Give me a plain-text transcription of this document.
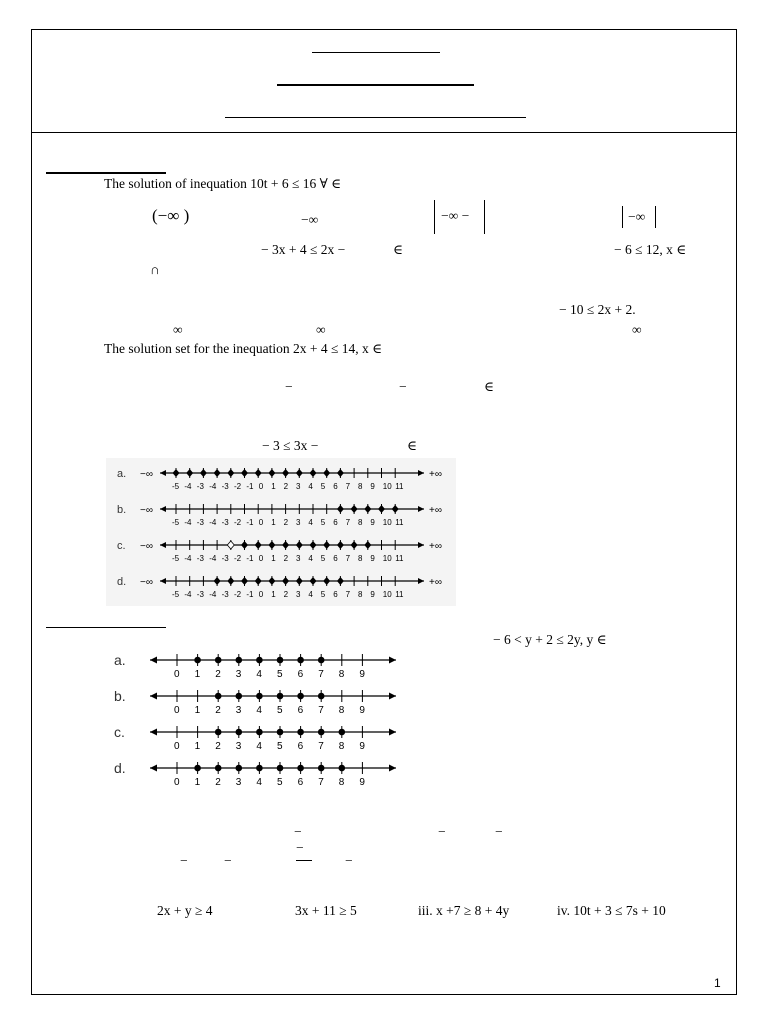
The solution of inequation 10t + 6 ≤ 16 ∀ ∈
(−∞ )	−∞	−∞ −	−∞
− 3x + 4 ≤ 2x −	∈	− 6 ≤ 12, x ∈
∩
− 10 ≤ 2x + 2.
∞	∞	∞
The solution set for the inequation 2x + 4 ≤ 14, x ∈
−	−	∈
− 3 ≤ 3x −	∈
a. −∞	+∞
-5 -4 -3 -4 -3 -2 -1 0 1 2 3 4 5 6 7 8 9 10 11
b. −∞	+∞
-5 -4 -3 -4 -3 -2 -1 0 1 2 3 4 5 6 7 8 9 10 11
c. −∞	+∞
-5 -4 -3 -4 -3 -2 -1 0 1 2 3 4 5 6 7 8 9 10 11
d. −∞	+∞
-5 -4 -3 -4 -3 -2 -1 0 1 2 3 4 5 6 7 8 9 10 11
− 6 < y + 2 ≤ 2y, y ∈
a.
0 1 2 3 4 5 6 7 8 9
b.
0 1 2 3 4 5 6 7 8 9
c.
0 1 2 3 4 5 6 7 8 9
d.
0 1 2 3 4 5 6 7 8 9
−	−	−
−	−
−
−
2x + y ≥ 4	3x + 11 ≥ 5	iii. x +7 ≥ 8 + 4y	iv. 10t + 3 ≤ 7s + 10
1
